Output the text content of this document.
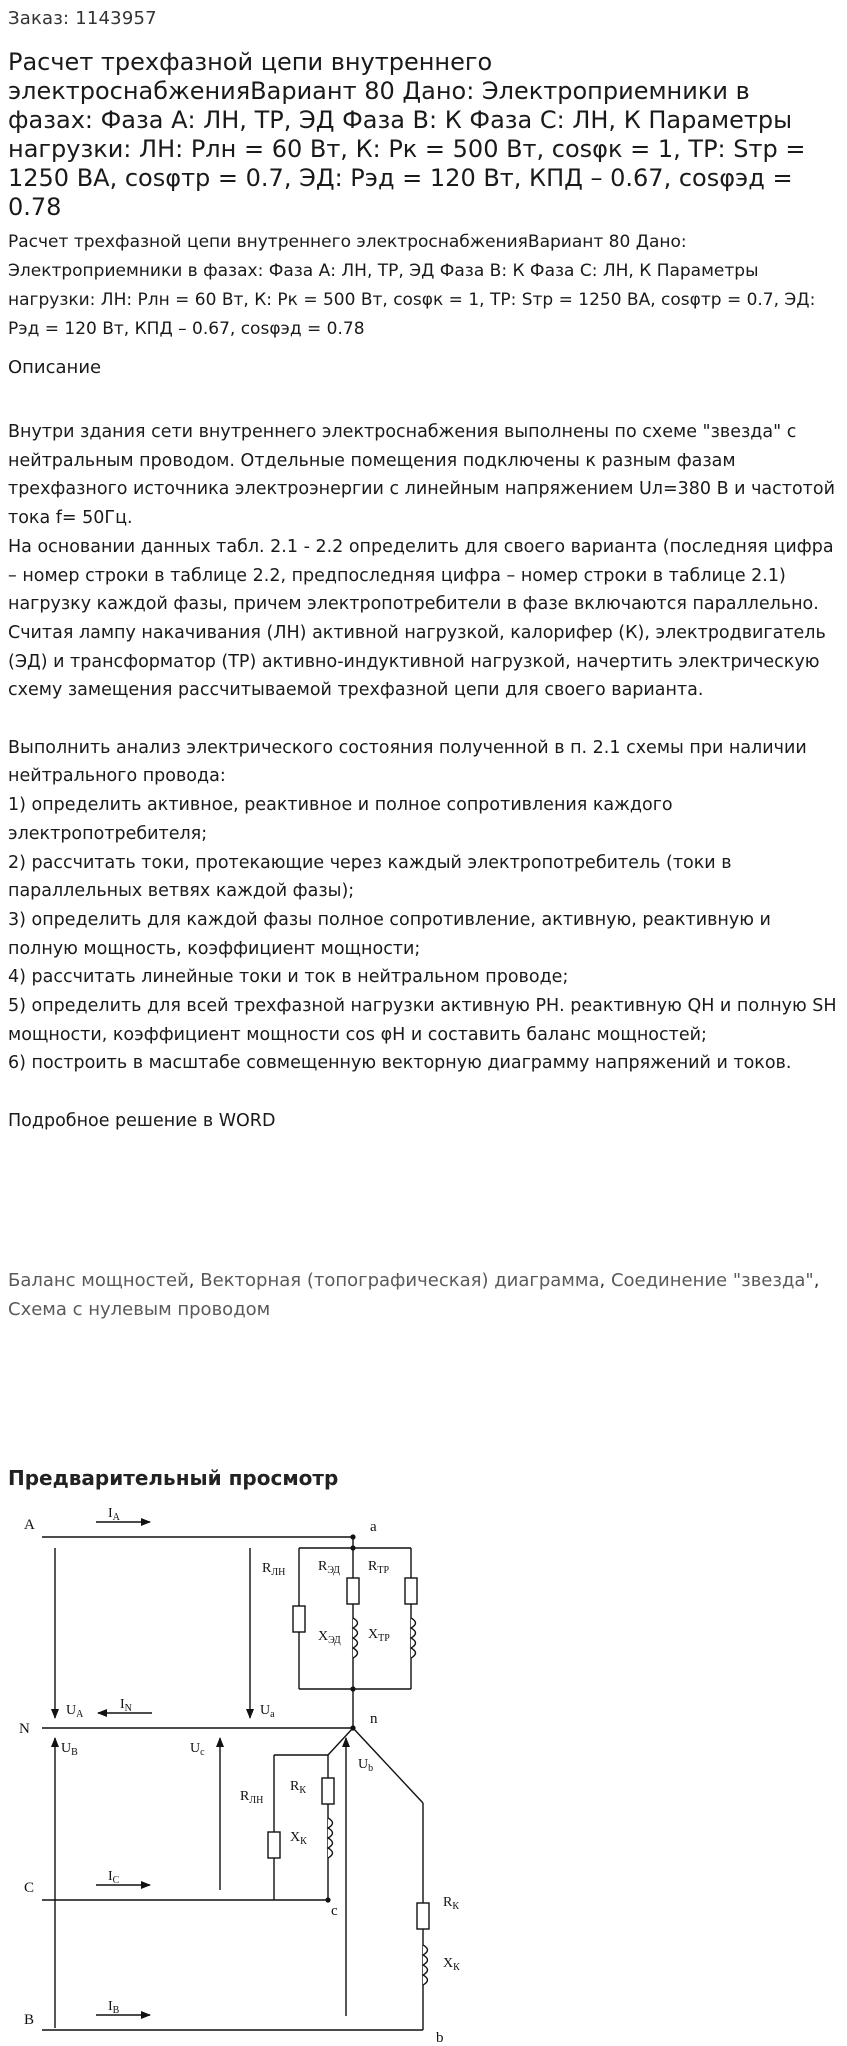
Заказ: 1143957
Расчет трехфазной цепи внутреннего электроснабженияВариант 80 Дано: Электроприемники в фазах: Фаза А: ЛН, ТР, ЭД Фаза B: К Фаза С: ЛН, К Параметры нагрузки: ЛН: Pлн = 60 Вт, К: Pк = 500 Вт, cosφк = 1, ТР: Sтр = 1250 ВА, cosφтр = 0.7, ЭД: Pэд = 120 Вт, КПД – 0.67, cosφэд = 0.78
Расчет трехфазной цепи внутреннего электроснабженияВариант 80 Дано: Электроприемники в фазах: Фаза А: ЛН, ТР, ЭД Фаза B: К Фаза С: ЛН, К Параметры нагрузки: ЛН: Pлн = 60 Вт, К: Pк = 500 Вт, cosφк = 1, ТР: Sтр = 1250 ВА, cosφтр = 0.7, ЭД: Pэд = 120 Вт, КПД – 0.67, cosφэд = 0.78
Описание

Внутри здания сети внутреннего электроснабжения выполнены по схеме "звезда" с нейтральным проводом. Отдельные помещения подключены к разным фазам трехфазного источника электроэнергии с линейным напряжением Uл=380 В и частотой тока f= 50Гц.

На основании данных табл. 2.1 - 2.2 определить для своего варианта (последняя цифра – номер строки в таблице 2.2, предпоследняя цифра – номер строки в таблице 2.1) нагрузку каждой фазы, причем электропотребители в фазе включаются параллельно.

Считая лампу накачивания (ЛН) активной нагрузкой, калорифер (К), электродвигатель (ЭД) и трансформатор (ТР) активно-индуктивной нагрузкой, начертить электрическую схему замещения рассчитываемой трехфазной цепи для своего варианта.

Выполнить анализ электрического состояния полученной в п. 2.1 схемы при наличии нейтрального провода:

1) определить активное, реактивное и полное сопротивления каждого электропотребителя;

2) рассчитать токи, протекающие через каждый электропотребитель (токи в параллельных ветвях каждой фазы);

3) определить для каждой фазы полное сопротивление, активную, реактивную и полную мощность, коэффициент мощности;

4) рассчитать линейные токи и ток в нейтральном проводе;

5) определить для всей трехфазной нагрузки активную PН. реактивную QН и полную SН мощности, коэффициент мощности cos φН и составить баланс мощностей;

6) построить в масштабе совмещенную векторную диаграмму напряжений и токов.

Подробное решение в WORD

Баланс мощностей, Векторная (топографическая) диаграмма, Соединение "звезда", Схема с нулевым проводом
Предварительный просмотр
A
N
C
B
a
n
c
b
$I_A$
$I_N$
$I_C$
$I_B$
$U_A$	$U_a$
$U_B$	$U_c$
$U_b$
$R_{ЛН}$ $R_{ЭД}$ $R_{ТР}$
$X_{ЭД}$ $X_{ТР}$
$R_{ЛН}$
$R_К$
$X_К$
$R_К$
$X_К$
